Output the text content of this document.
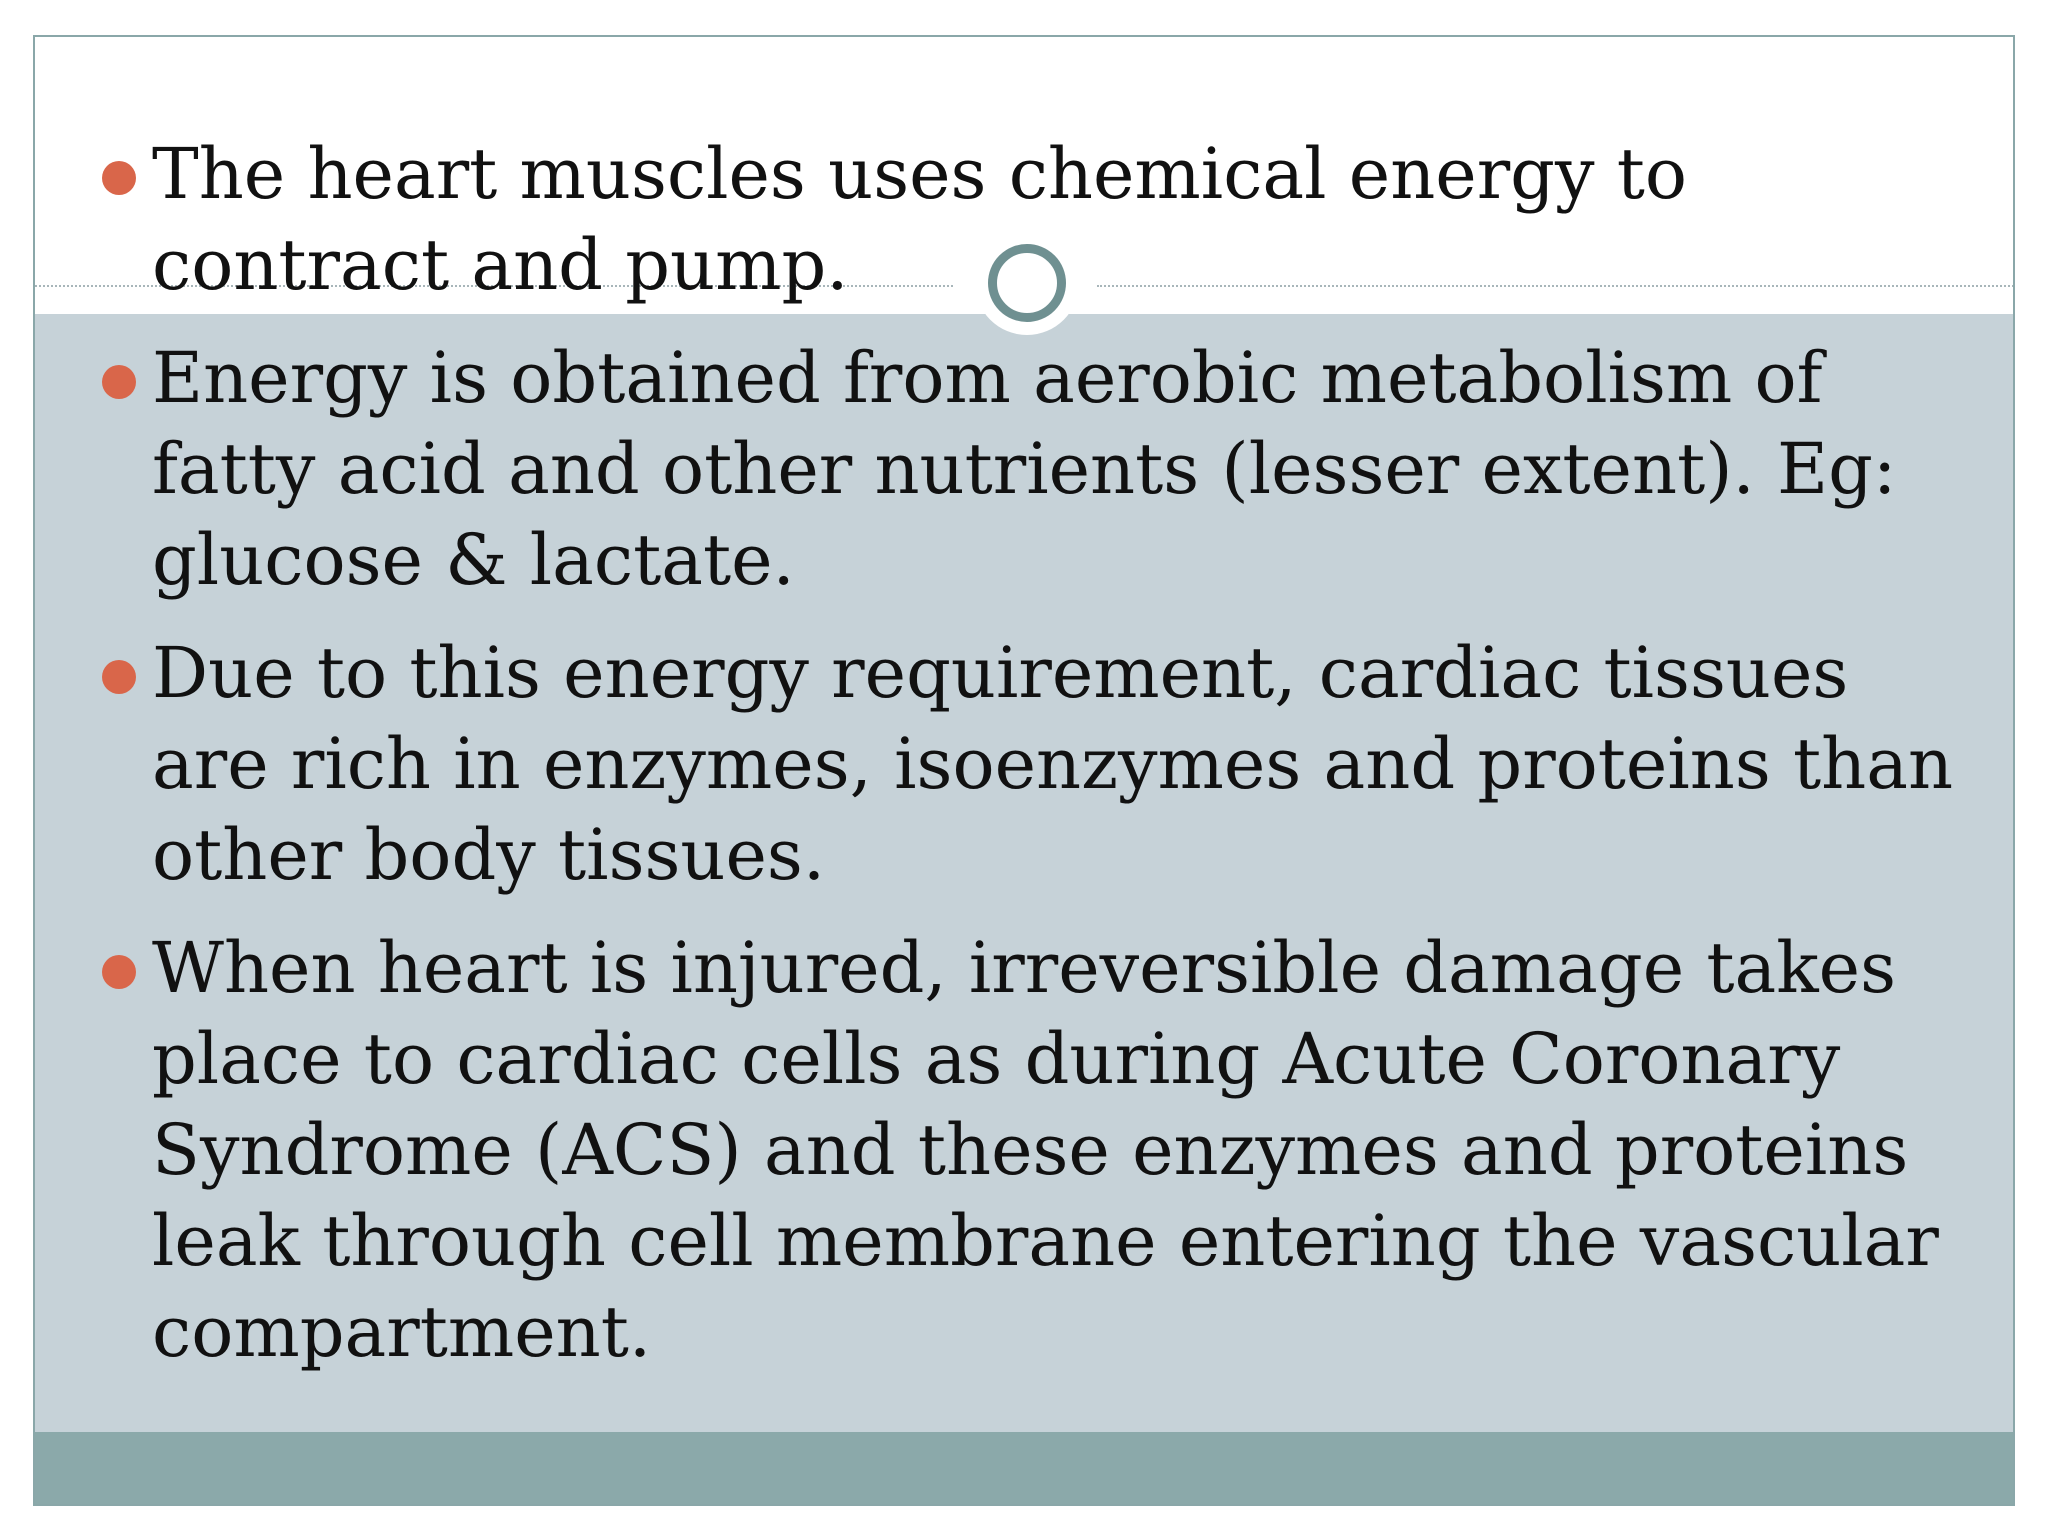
The heart muscles uses chemical energy to contract and pump.
Energy is obtained from aerobic metabolism of fatty acid and other nutrients (lesser extent). Eg: glucose & lactate.
Due to this energy requirement, cardiac tissues are rich in enzymes, isoenzymes and proteins than other body tissues.
When heart is injured, irreversible damage takes place to cardiac cells as during Acute Coronary Syndrome (ACS) and these enzymes and proteins leak through cell membrane entering the vascular compartment.
